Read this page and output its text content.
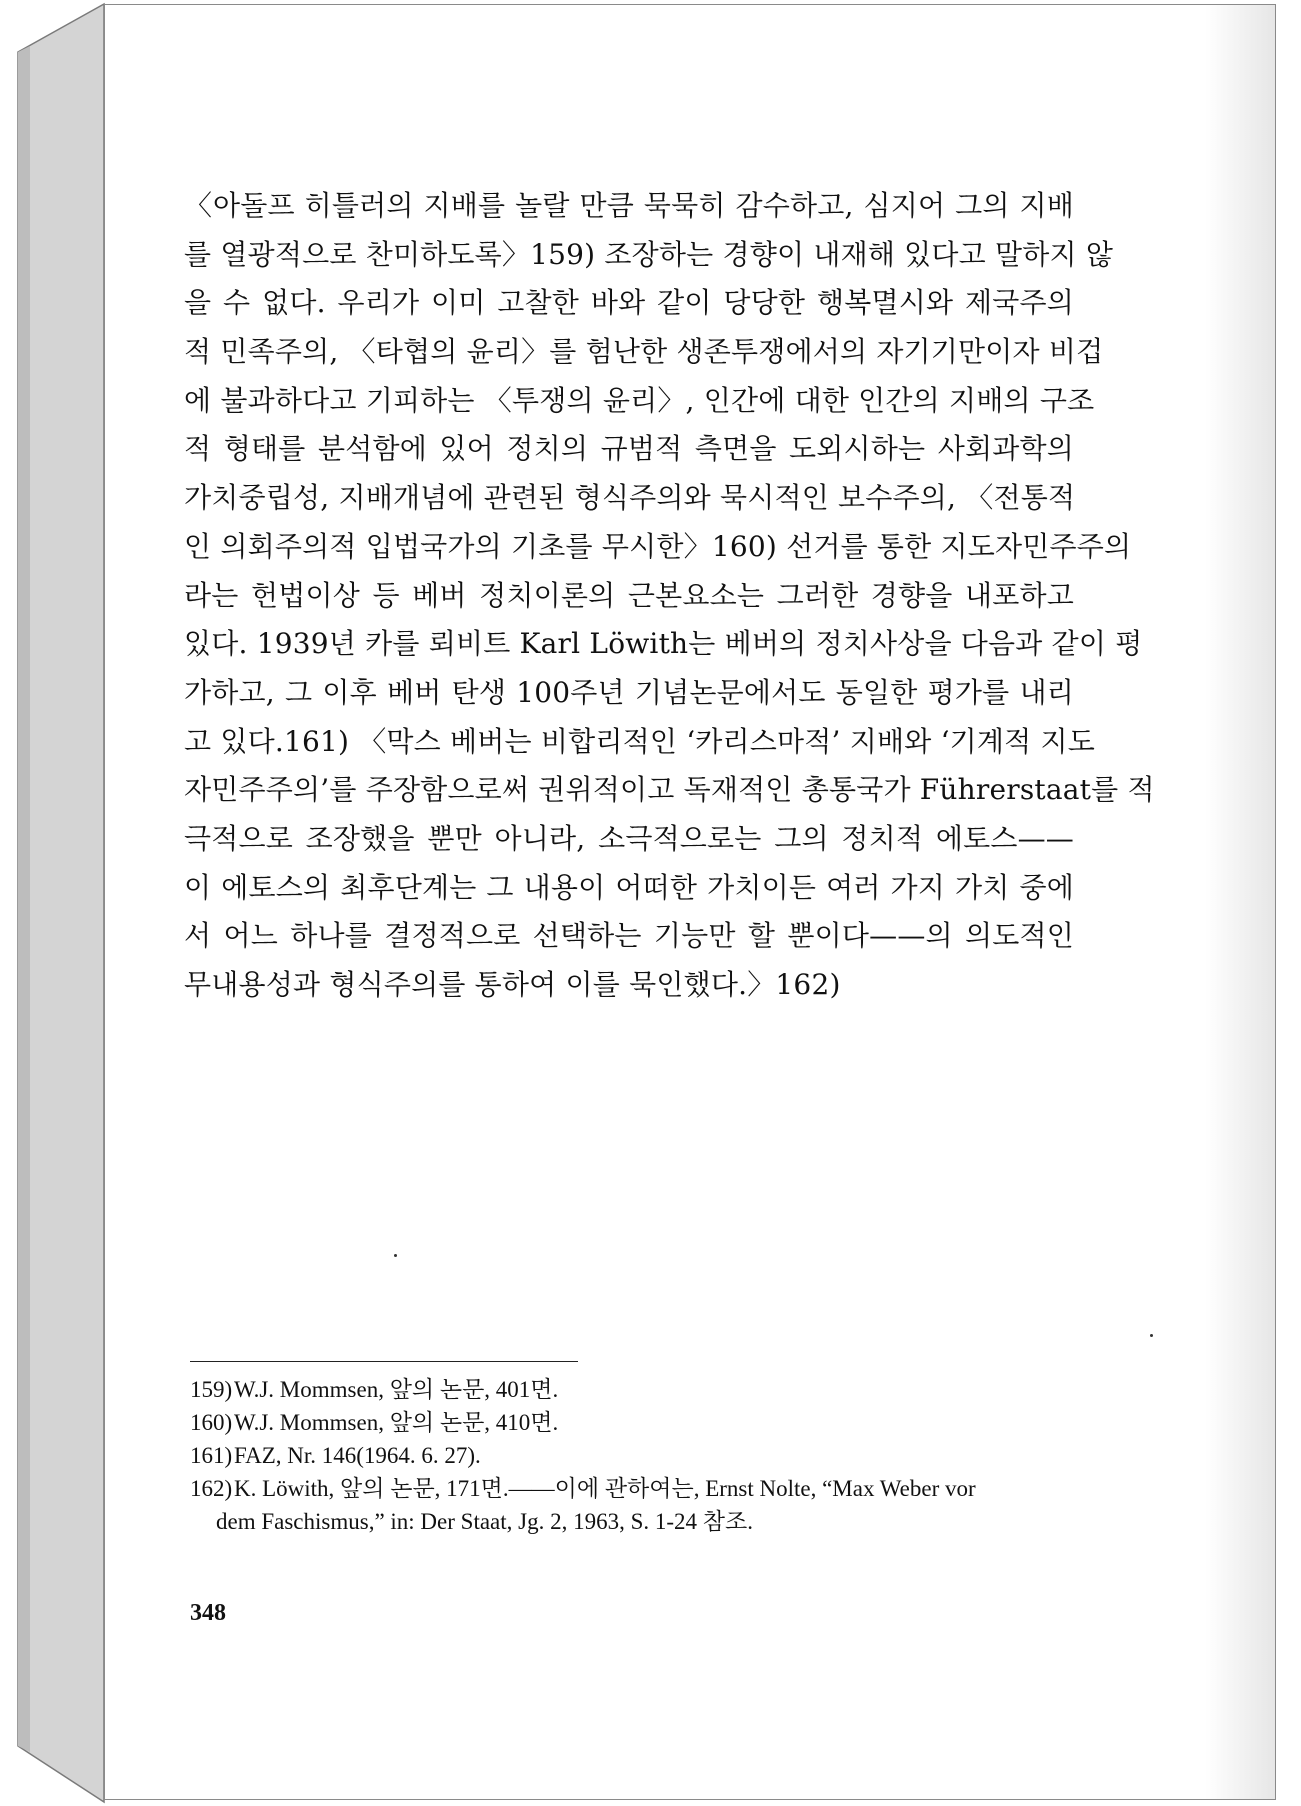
〈아돌프 히틀러의 지배를 놀랄 만큼 묵묵히 감수하고, 심지어 그의 지배
를 열광적으로 찬미하도록〉159) 조장하는 경향이 내재해 있다고 말하지 않
을 수 없다. 우리가 이미 고찰한 바와 같이 당당한 행복멸시와 제국주의
적 민족주의, 〈타협의 윤리〉를 험난한 생존투쟁에서의 자기기만이자 비겁
에 불과하다고 기피하는 〈투쟁의 윤리〉, 인간에 대한 인간의 지배의 구조
적 형태를 분석함에 있어 정치의 규범적 측면을 도외시하는 사회과학의
가치중립성, 지배개념에 관련된 형식주의와 묵시적인 보수주의, 〈전통적
인 의회주의적 입법국가의 기초를 무시한〉160) 선거를 통한 지도자민주주의
라는 헌법이상 등 베버 정치이론의 근본요소는 그러한 경향을 내포하고
있다. 1939년 카를 뢰비트 Karl Löwith는 베버의 정치사상을 다음과 같이 평
가하고, 그 이후 베버 탄생 100주년 기념논문에서도 동일한 평가를 내리
고 있다.161) 〈막스 베버는 비합리적인 ‘카리스마적’ 지배와 ‘기계적 지도
자민주주의’를 주장함으로써 권위적이고 독재적인 총통국가 Führerstaat를 적
극적으로 조장했을 뿐만 아니라, 소극적으로는 그의 정치적 에토스——
이 에토스의 최후단계는 그 내용이 어떠한 가치이든 여러 가지 가치 중에
서 어느 하나를 결정적으로 선택하는 기능만 할 뿐이다——의 의도적인
무내용성과 형식주의를 통하여 이를 묵인했다.〉162)
159)W.J. Mommsen, 앞의 논문, 401면.
160)W.J. Mommsen, 앞의 논문, 410면.
161)FAZ, Nr. 146(1964. 6. 27).
162)K. Löwith, 앞의 논문, 171면.——이에 관하여는, Ernst Nolte, “Max Weber vor
dem Faschismus,” in: Der Staat, Jg. 2, 1963, S. 1-24 참조.
348
